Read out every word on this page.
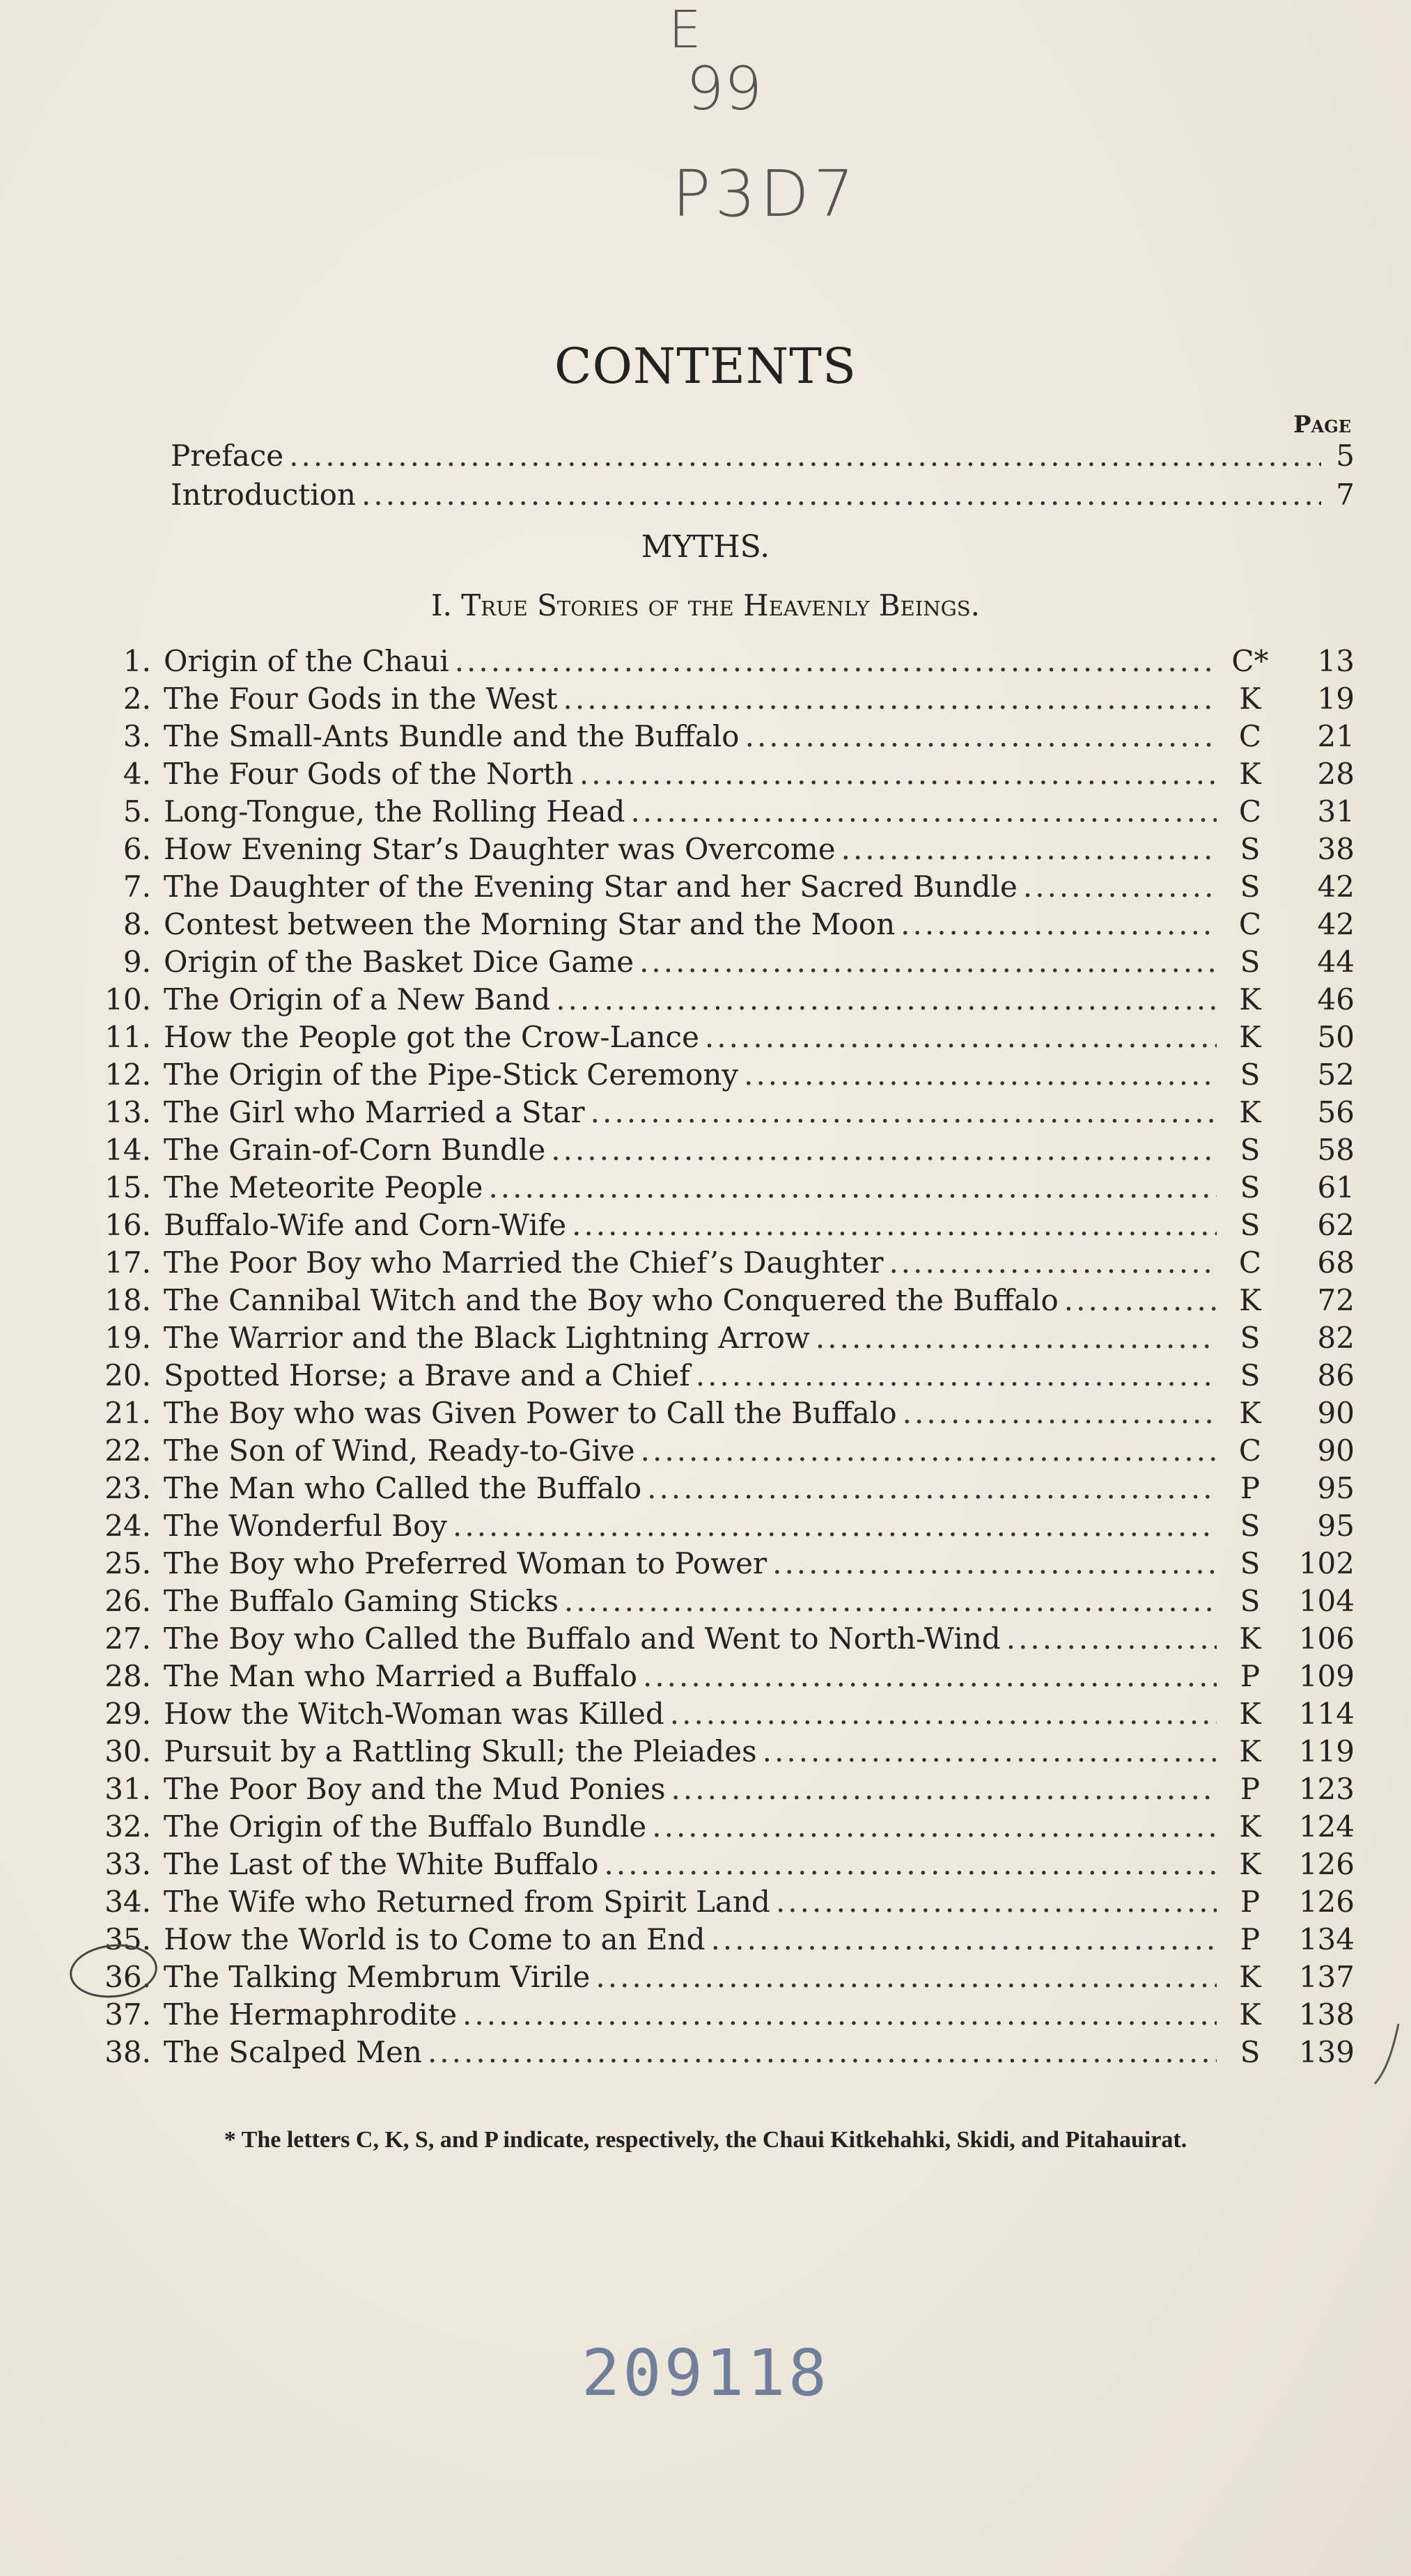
E
99
P3D7
CONTENTS
Page
Preface .....	5
Introduction .....	7
MYTHS.
I. True Stories of the Heavenly Beings.
1. Origin of the Chaui .....	C*	13
2. The Four Gods in the West .....	K	19
3. The Small-Ants Bundle and the Buffalo .....	C	21
4. The Four Gods of the North .....	K	28
5. Long-Tongue, the Rolling Head .....	C	31
6. How Evening Star’s Daughter was Overcome .....	S	38
7. The Daughter of the Evening Star and her Sacred Bundle .....	S	42
8. Contest between the Morning Star and the Moon .....	C	42
9. Origin of the Basket Dice Game .....	S	44
10. The Origin of a New Band .....	K	46
11. How the People got the Crow-Lance .....	K	50
12. The Origin of the Pipe-Stick Ceremony .....	S	52
13. The Girl who Married a Star .....	K	56
14. The Grain-of-Corn Bundle .....	S	58
15. The Meteorite People .....	S	61
16. Buffalo-Wife and Corn-Wife .....	S	62
17. The Poor Boy who Married the Chief’s Daughter .....	C	68
18. The Cannibal Witch and the Boy who Conquered the Buffalo .....	K	72
19. The Warrior and the Black Lightning Arrow .....	S	82
20. Spotted Horse; a Brave and a Chief .....	S	86
21. The Boy who was Given Power to Call the Buffalo .....	K	90
22. The Son of Wind, Ready-to-Give .....	C	90
23. The Man who Called the Buffalo .....	P	95
24. The Wonderful Boy .....	S	95
25. The Boy who Preferred Woman to Power .....	S	102
26. The Buffalo Gaming Sticks .....	S	104
27. The Boy who Called the Buffalo and Went to North-Wind .....	K	106
28. The Man who Married a Buffalo .....	P	109
29. How the Witch-Woman was Killed .....	K	114
30. Pursuit by a Rattling Skull; the Pleiades .....	K	119
31. The Poor Boy and the Mud Ponies .....	P	123
32. The Origin of the Buffalo Bundle .....	K	124
33. The Last of the White Buffalo .....	K	126
34. The Wife who Returned from Spirit Land .....	P	126
35. How the World is to Come to an End .....	P	134
36. The Talking Membrum Virile .....	K	137
37. The Hermaphrodite .....	K	138
38. The Scalped Men .....	S	139
* The letters C, K, S, and P indicate, respectively, the Chaui Kitkehahki, Skidi, and Pitahauirat.
209118
